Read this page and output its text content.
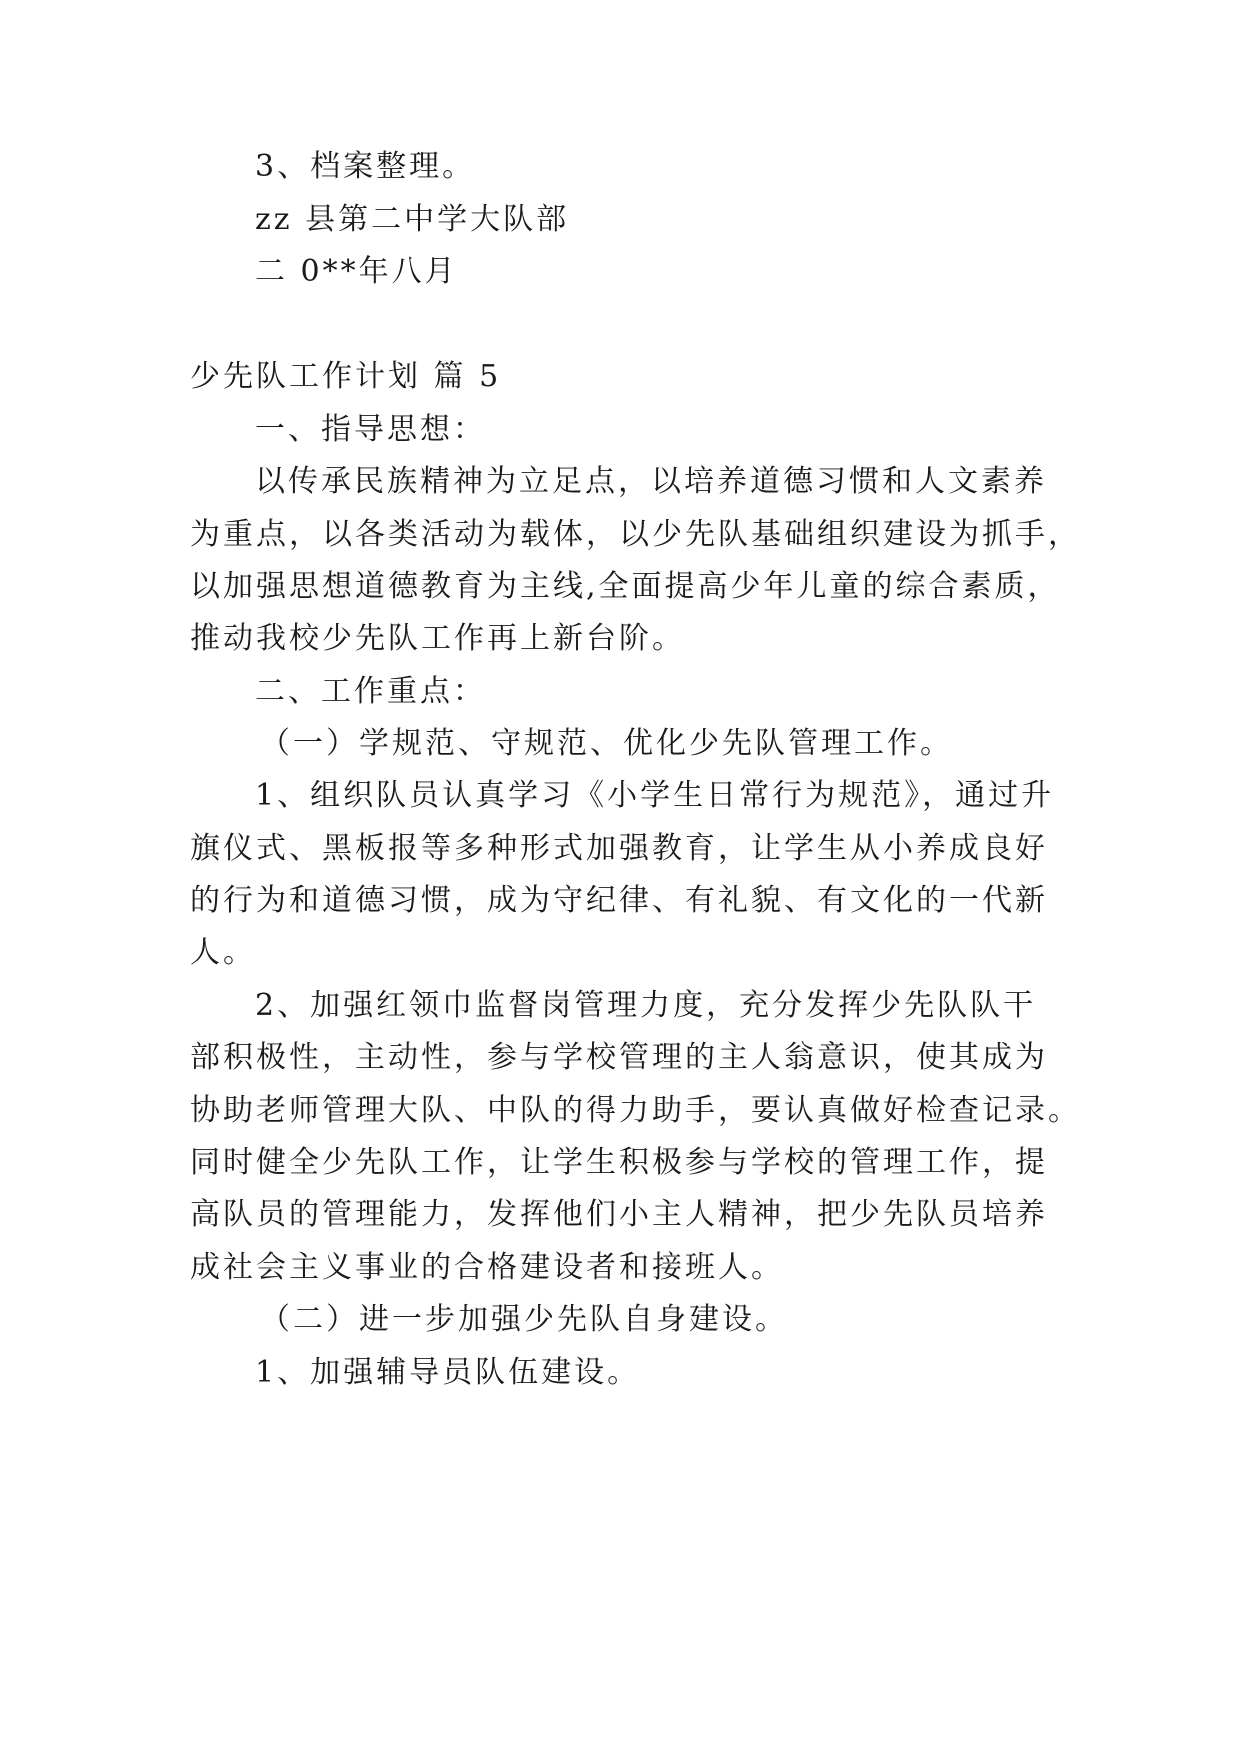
3、档案整理。
zz 县第二中学大队部
二 0**年八月
少先队工作计划 篇 5
一、指导思想：
以传承民族精神为立足点，以培养道德习惯和人文素养
为重点，以各类活动为载体，以少先队基础组织建设为抓手，
以加强思想道德教育为主线,全面提高少年儿童的综合素质，
推动我校少先队工作再上新台阶。
二、工作重点：
（一）学规范、守规范、优化少先队管理工作。
1、组织队员认真学习《小学生日常行为规范》，通过升
旗仪式、黑板报等多种形式加强教育，让学生从小养成良好
的行为和道德习惯，成为守纪律、有礼貌、有文化的一代新
人。
2、加强红领巾监督岗管理力度，充分发挥少先队队干
部积极性，主动性，参与学校管理的主人翁意识，使其成为
协助老师管理大队、中队的得力助手，要认真做好检查记录。
同时健全少先队工作，让学生积极参与学校的管理工作，提
高队员的管理能力，发挥他们小主人精神，把少先队员培养
成社会主义事业的合格建设者和接班人。
（二）进一步加强少先队自身建设。
1、加强辅导员队伍建设。
